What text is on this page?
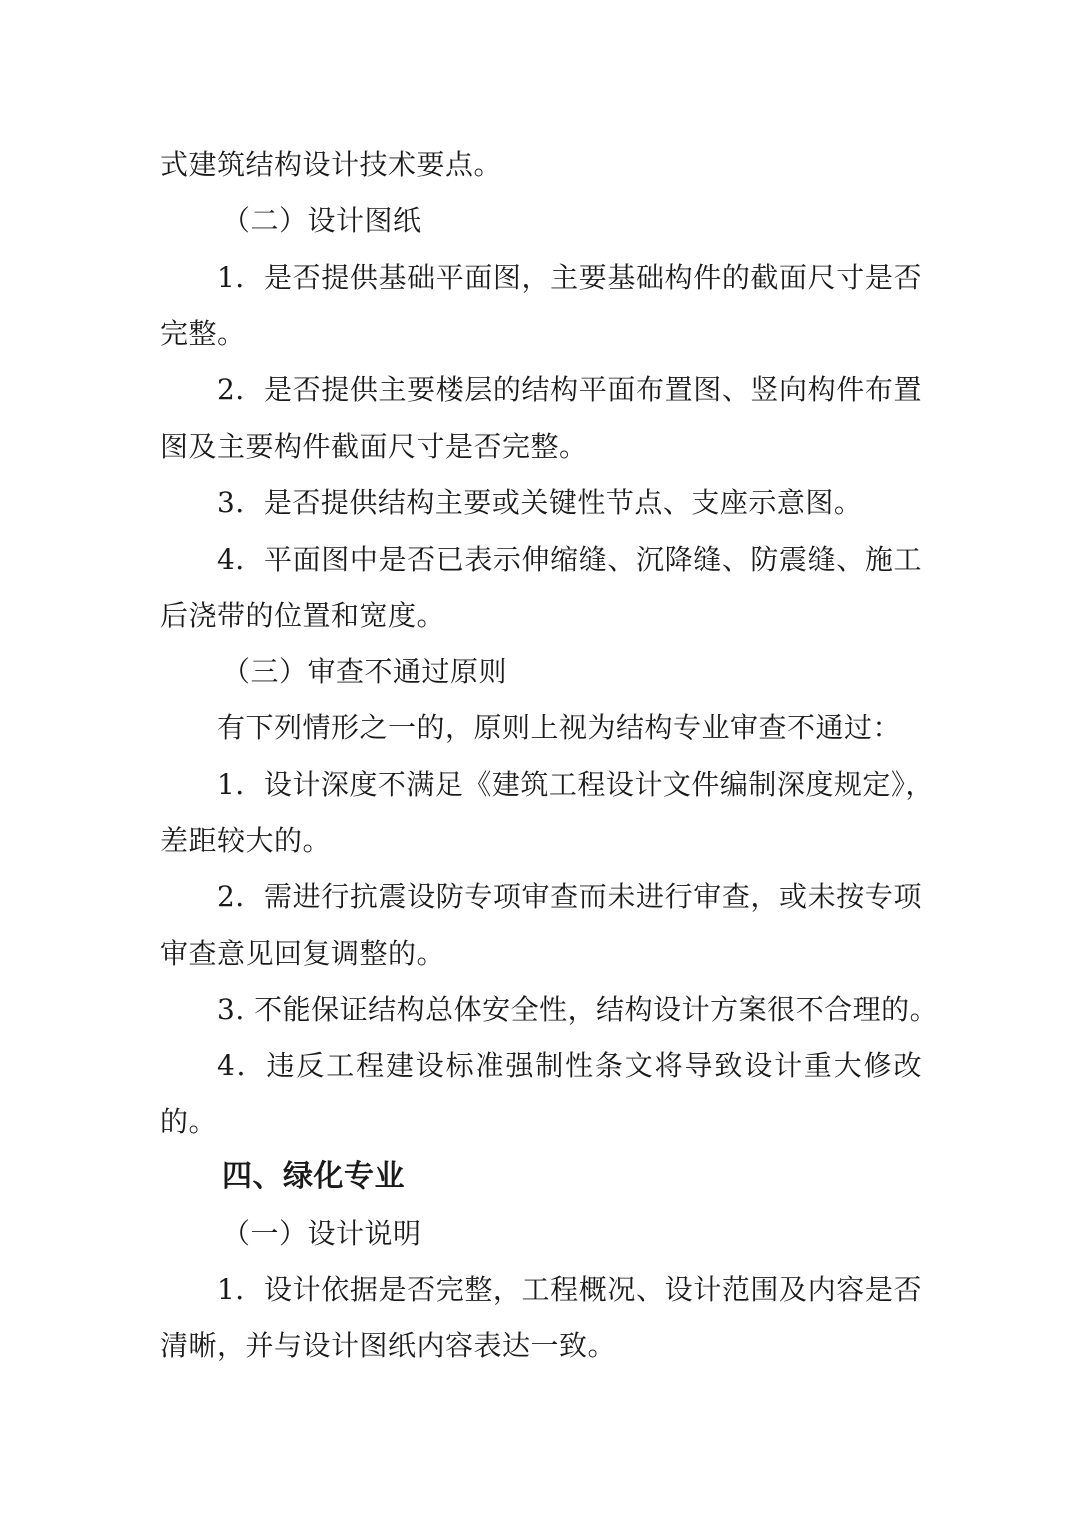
式建筑结构设计技术要点。
（二）设计图纸
1．是否提供基础平面图，主要基础构件的截面尺寸是否
完整。
2．是否提供主要楼层的结构平面布置图、竖向构件布置
图及主要构件截面尺寸是否完整。
3．是否提供结构主要或关键性节点、支座示意图。
4．平面图中是否已表示伸缩缝、沉降缝、防震缝、施工
后浇带的位置和宽度。
（三）审查不通过原则
有下列情形之一的，原则上视为结构专业审查不通过：
1．设计深度不满足《建筑工程设计文件编制深度规定》，
差距较大的。
2．需进行抗震设防专项审查而未进行审查，或未按专项
审查意见回复调整的。
3. 不能保证结构总体安全性，结构设计方案很不合理的。
4．违反工程建设标准强制性条文将导致设计重大修改
的。
四、绿化专业
（一）设计说明
1．设计依据是否完整，工程概况、设计范围及内容是否
清晰，并与设计图纸内容表达一致。
